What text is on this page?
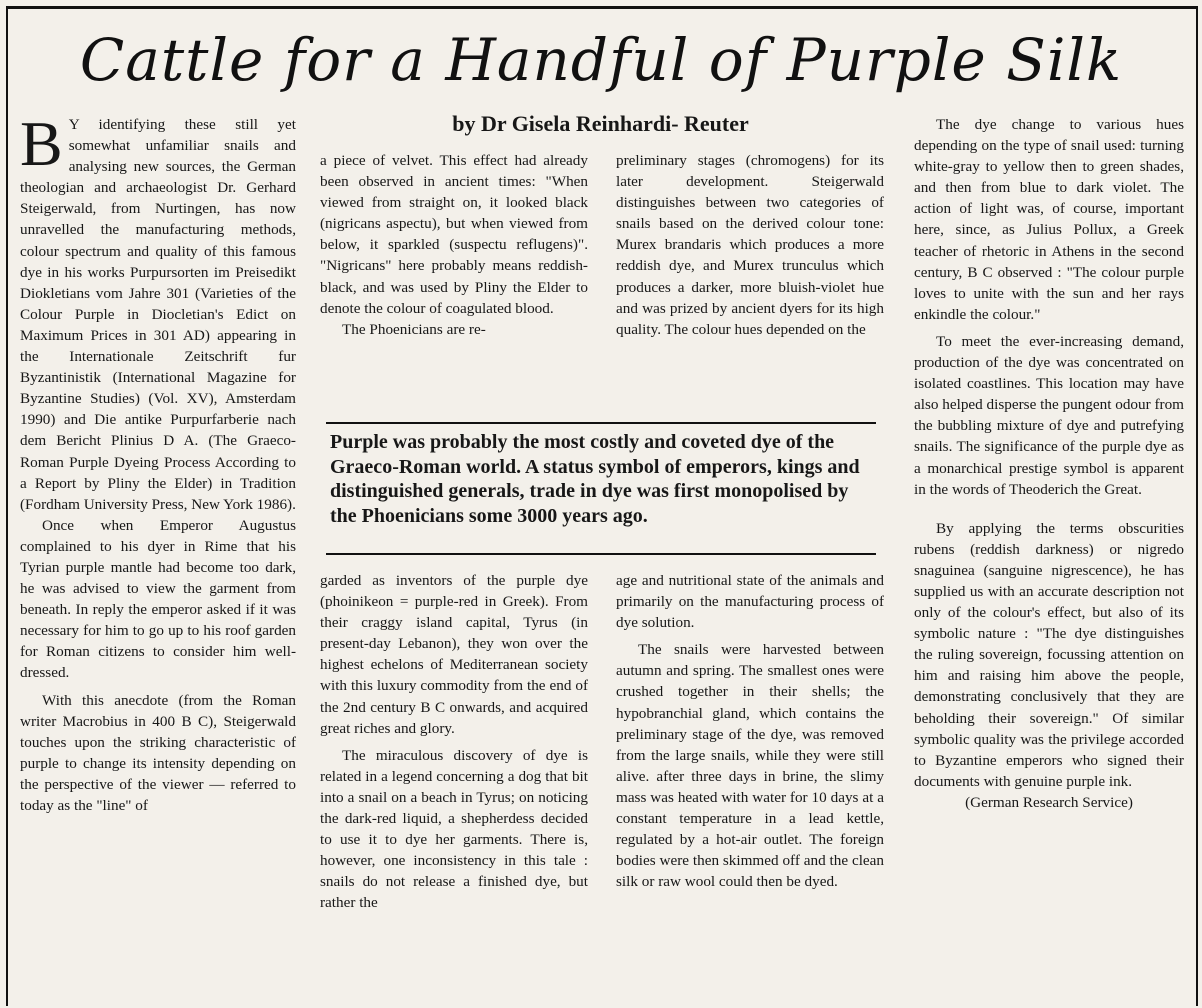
Cattle for a Handful of Purple Silk
by Dr Gisela Reinhardi- Reuter
B Y identifying these still yet somewhat unfamiliar snails and analysing new sources, the German theologian and archaeologist Dr. Gerhard Steigerwald, from Nurtingen, has now unravelled the manufacturing methods, colour spectrum and quality of this famous dye in his works Purpursorten im Preisedikt Diokletians vom Jahre 301 (Varieties of the Colour Purple in Diocletian's Edict on Maximum Prices in 301 AD) appearing in the Internationale Zeitschrift fur Byzantinistik (International Magazine for Byzantine Studies) (Vol. XV), Amsterdam 1990) and Die antike Purpurfarberie nach dem Bericht Plinius D A. (The Graeco-Roman Purple Dyeing Process According to a Report by Pliny the Elder) in Tradition (Fordham University Press, New York 1986).

Once when Emperor Augustus complained to his dyer in Rime that his Tyrian purple mantle had become too dark, he was advised to view the garment from beneath. In reply the emperor asked if it was necessary for him to go up to his roof garden for Roman citizens to consider him well-dressed.

With this anecdote (from the Roman writer Macrobius in 400 B C), Steigerwald touches upon the striking characteristic of purple to change its intensity depending on the perspective of the viewer — referred to today as the "line" of

a piece of velvet. This effect had already been observed in ancient times: "When viewed from straight on, it looked black (nigricans aspectu), but when viewed from below, it sparkled (suspectu reflugens)". "Nigricans" here probably means reddish-black, and was used by Pliny the Elder to denote the colour of coagulated blood.

The Phoenicians are re-

preliminary stages (chromogens) for its later development. Steigerwald distinguishes between two categories of snails based on the derived colour tone: Murex brandaris which produces a more reddish dye, and Murex trunculus which produces a darker, more bluish-violet hue and was prized by ancient dyers for its high quality. The colour hues depended on the

The dye change to various hues depending on the type of snail used: turning white-gray to yellow then to green shades, and then from blue to dark violet. The action of light was, of course, important here, since, as Julius Pollux, a Greek teacher of rhetoric in Athens in the second century, B C observed : "The colour purple loves to unite with the sun and her rays enkindle the colour."

To meet the ever-increasing demand, production of the dye was concentrated on isolated coastlines. This location may have also helped disperse the pungent odour from the bubbling mixture of dye and putrefying snails. The significance of the purple dye as a monarchical prestige symbol is apparent in the words of Theoderich the Great.

By applying the terms obscurities rubens (reddish darkness) or nigredo snaguinea (sanguine nigrescence), he has supplied us with an accurate description not only of the colour's effect, but also of its symbolic nature : "The dye distinguishes the ruling sovereign, focussing attention on him and raising him above the people, demonstrating conclusively that they are beholding their sovereign." Of similar symbolic quality was the privilege accorded to Byzantine emperors who signed their documents with genuine purple ink.

(German Research Service)

Purple was probably the most costly and coveted dye of the Graeco-Roman world. A status symbol of emperors, kings and distinguished generals, trade in dye was first monopolised by the Phoenicians some 3000 years ago.

garded as inventors of the purple dye (phoinikeon = purple-red in Greek). From their craggy island capital, Tyrus (in present-day Lebanon), they won over the highest echelons of Mediterranean society with this luxury commodity from the end of the 2nd century B C onwards, and acquired great riches and glory.

The miraculous discovery of dye is related in a legend concerning a dog that bit into a snail on a beach in Tyrus; on noticing the dark-red liquid, a shepherdess decided to use it to dye her garments. There is, however, one inconsistency in this tale : snails do not release a finished dye, but rather the

age and nutritional state of the animals and primarily on the manufacturing process of dye solution.

The snails were harvested between autumn and spring. The smallest ones were crushed together in their shells; the hypobranchial gland, which contains the preliminary stage of the dye, was removed from the large snails, while they were still alive. after three days in brine, the slimy mass was heated with water for 10 days at a constant temperature in a lead kettle, regulated by a hot-air outlet. The foreign bodies were then skimmed off and the clean silk or raw wool could then be dyed.
